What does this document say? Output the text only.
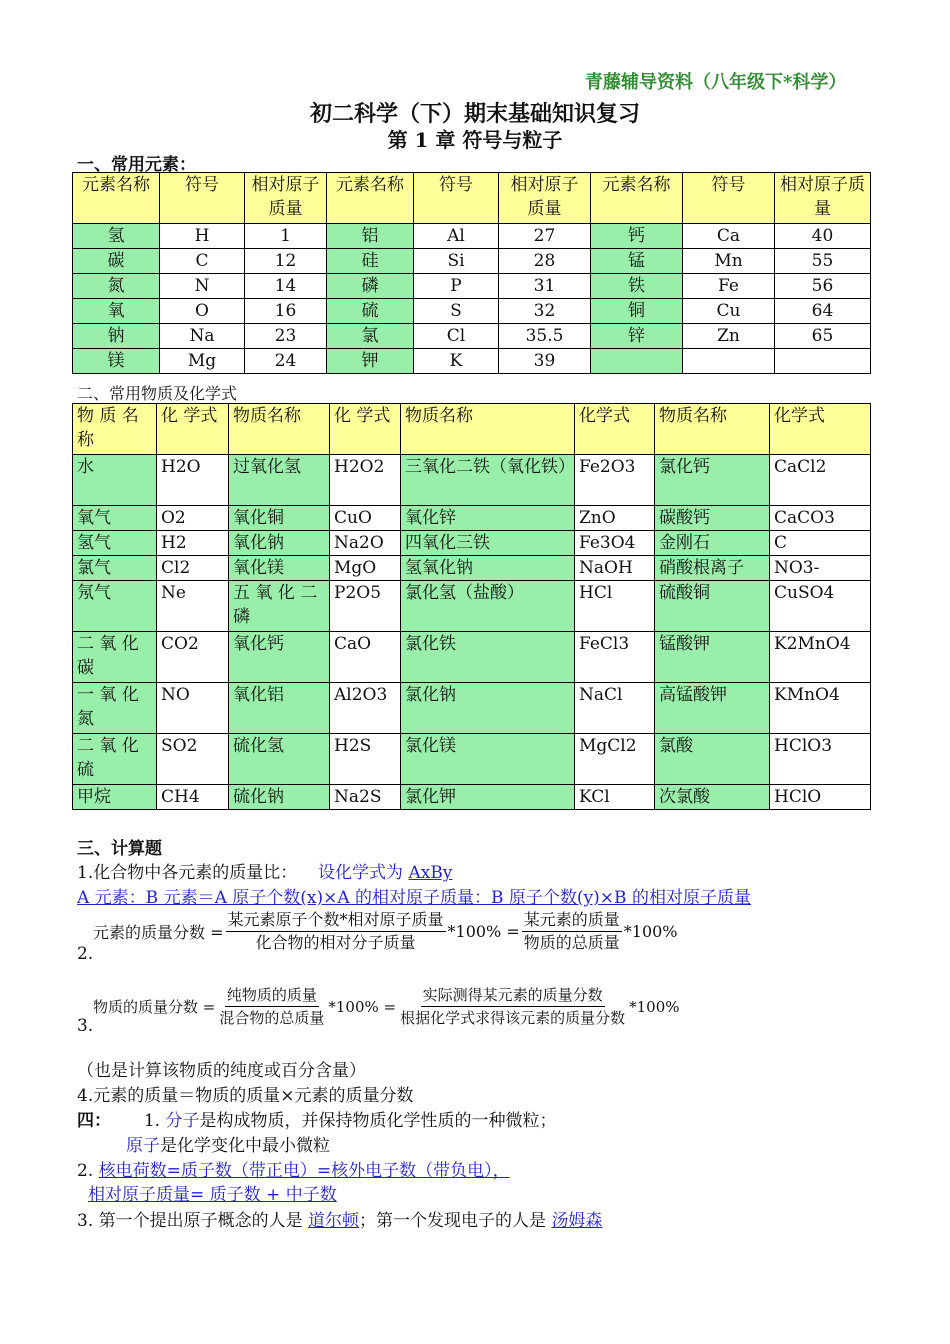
青藤辅导资料（八年级下*科学）
初二科学（下）期末基础知识复习
第 1 章 符号与粒子
一、常用元素：
元素名称	符号	相对原子质量	元素名称	符号	相对原子质量	元素名称	符号	相对原子质量
氢	H	1	铝	Al	27	钙	Ca	40
碳	C	12	硅	Si	28	锰	Mn	55
氮	N	14	磷	P	31	铁	Fe	56
氧	O	16	硫	S	32	铜	Cu	64
钠	Na	23	氯	Cl	35.5	锌	Zn	65
镁	Mg	24	钾	K	39			
二、常用物质及化学式
物 质 名称	化 学式	物质名称	化 学式	物质名称	化学式	物质名称	化学式
水	H2O	过氧化氢	H2O2	三氧化二铁（氧化铁）	Fe2O3	氯化钙	CaCl2
氧气	O2	氧化铜	CuO	氧化锌	ZnO	碳酸钙	CaCO3
氢气	H2	氧化钠	Na2O	四氧化三铁	Fe3O4	金刚石	C
氯气	Cl2	氧化镁	MgO	氢氧化钠	NaOH	硝酸根离子	NO3-
氖气	Ne	五 氧 化 二磷	P2O5	氯化氢（盐酸）	HCl	硫酸铜	CuSO4
二 氧 化碳	CO2	氧化钙	CaO	氯化铁	FeCl3	锰酸钾	K2MnO4
一 氧 化氮	NO	氧化铝	Al2O3	氯化钠	NaCl	高锰酸钾	KMnO4
二 氧 化硫	SO2	硫化氢	H2S	氯化镁	MgCl2	氯酸	HClO3
甲烷	CH4	硫化钠	Na2S	氯化钾	KCl	次氯酸	HClO
三、计算题
1.化合物中各元素的质量比： 设化学式为 AxBy
A 元素：B 元素＝A 原子个数(x)×A 的相对原子质量：B 原子个数(y)×B 的相对原子质量
元素的质量分数 = $\frac{\text{某元素原子个数*相对原子质量}}{\text{化合物的相对分子质量}} *100\% = \frac{\text{某元素的质量}}{\text{物质的总质量}} *100\%$
2.
物质的质量分数 = $\frac{\text{纯物质的质量}}{\text{混合物的总质量}} *100\% = \frac{\text{实际测得某元素的质量分数}}{\text{根据化学式求得该元素的质量分数}} *100\%$
3.
（也是计算该物质的纯度或百分含量）
4.元素的质量＝物质的质量×元素的质量分数
四： 1. 分子是构成物质，并保持物质化学性质的一种微粒；
原子是化学变化中最小微粒
2. 核电荷数=质子数（带正电）=核外电子数（带负电），
相对原子质量= 质子数 + 中子数
3. 第一个提出原子概念的人是 道尔顿；第一个发现电子的人是 汤姆森
